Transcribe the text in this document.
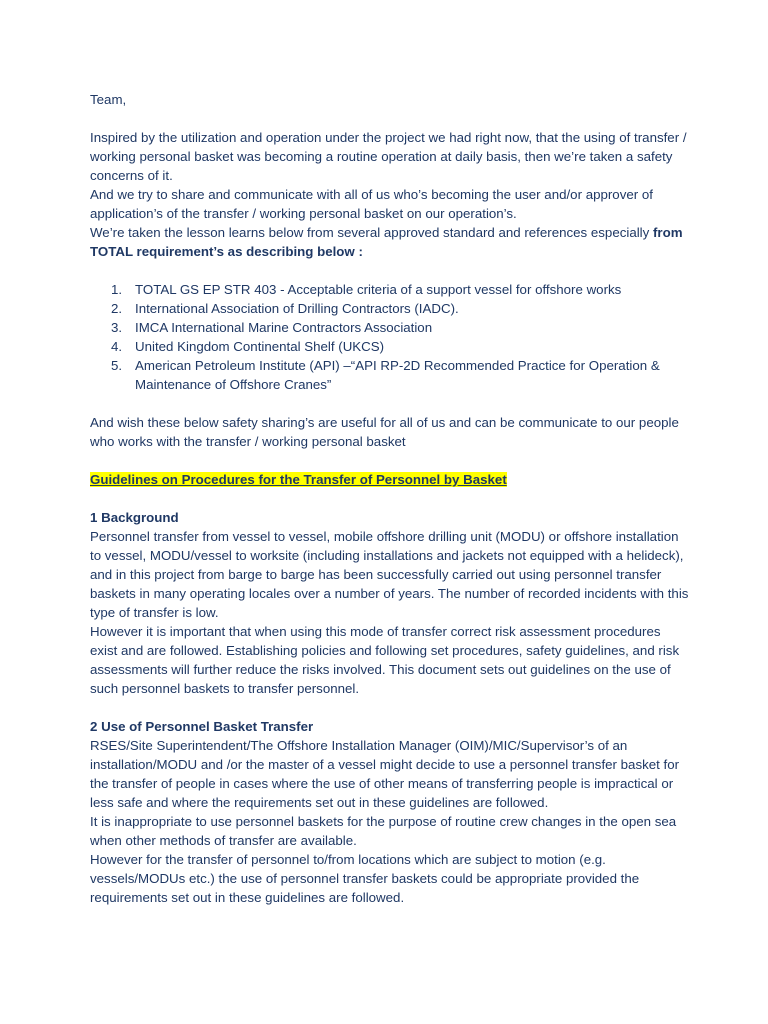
Team,

Inspired by the utilization and operation under the project we had right now, that the using of transfer / working personal basket was becoming a routine operation at daily basis, then we’re taken a safety concerns of it.

And we try to share and communicate with all of us who’s becoming the user and/or approver of application’s of the transfer / working personal basket on our operation’s.

We’re taken the lesson learns below from several approved standard and references especially from TOTAL requirement’s as describing below :

1. TOTAL GS EP STR 403 - Acceptable criteria of a support vessel for offshore works
2. International Association of Drilling Contractors (IADC).
3. IMCA International Marine Contractors Association
4. United Kingdom Continental Shelf (UKCS)
5. American Petroleum Institute (API) –“API RP-2D Recommended Practice for Operation & Maintenance of Offshore Cranes”

And wish these below safety sharing’s are useful for all of us and can be communicate to our people who works with the transfer / working personal basket

Guidelines on Procedures for the Transfer of Personnel by Basket

1 Background

Personnel transfer from vessel to vessel, mobile offshore drilling unit (MODU) or offshore installation to vessel, MODU/vessel to worksite (including installations and jackets not equipped with a helideck), and in this project from barge to barge has been successfully carried out using personnel transfer baskets in many operating locales over a number of years. The number of recorded incidents with this type of transfer is low.

However it is important that when using this mode of transfer correct risk assessment procedures exist and are followed. Establishing policies and following set procedures, safety guidelines, and risk assessments will further reduce the risks involved. This document sets out guidelines on the use of such personnel baskets to transfer personnel.

2 Use of Personnel Basket Transfer

RSES/Site Superintendent/The Offshore Installation Manager (OIM)/MIC/Supervisor’s of an installation/MODU and /or the master of a vessel might decide to use a personnel transfer basket for the transfer of people in cases where the use of other means of transferring people is impractical or less safe and where the requirements set out in these guidelines are followed.

It is inappropriate to use personnel baskets for the purpose of routine crew changes in the open sea when other methods of transfer are available.

However for the transfer of personnel to/from locations which are subject to motion (e.g. vessels/MODUs etc.) the use of personnel transfer baskets could be appropriate provided the requirements set out in these guidelines are followed.
